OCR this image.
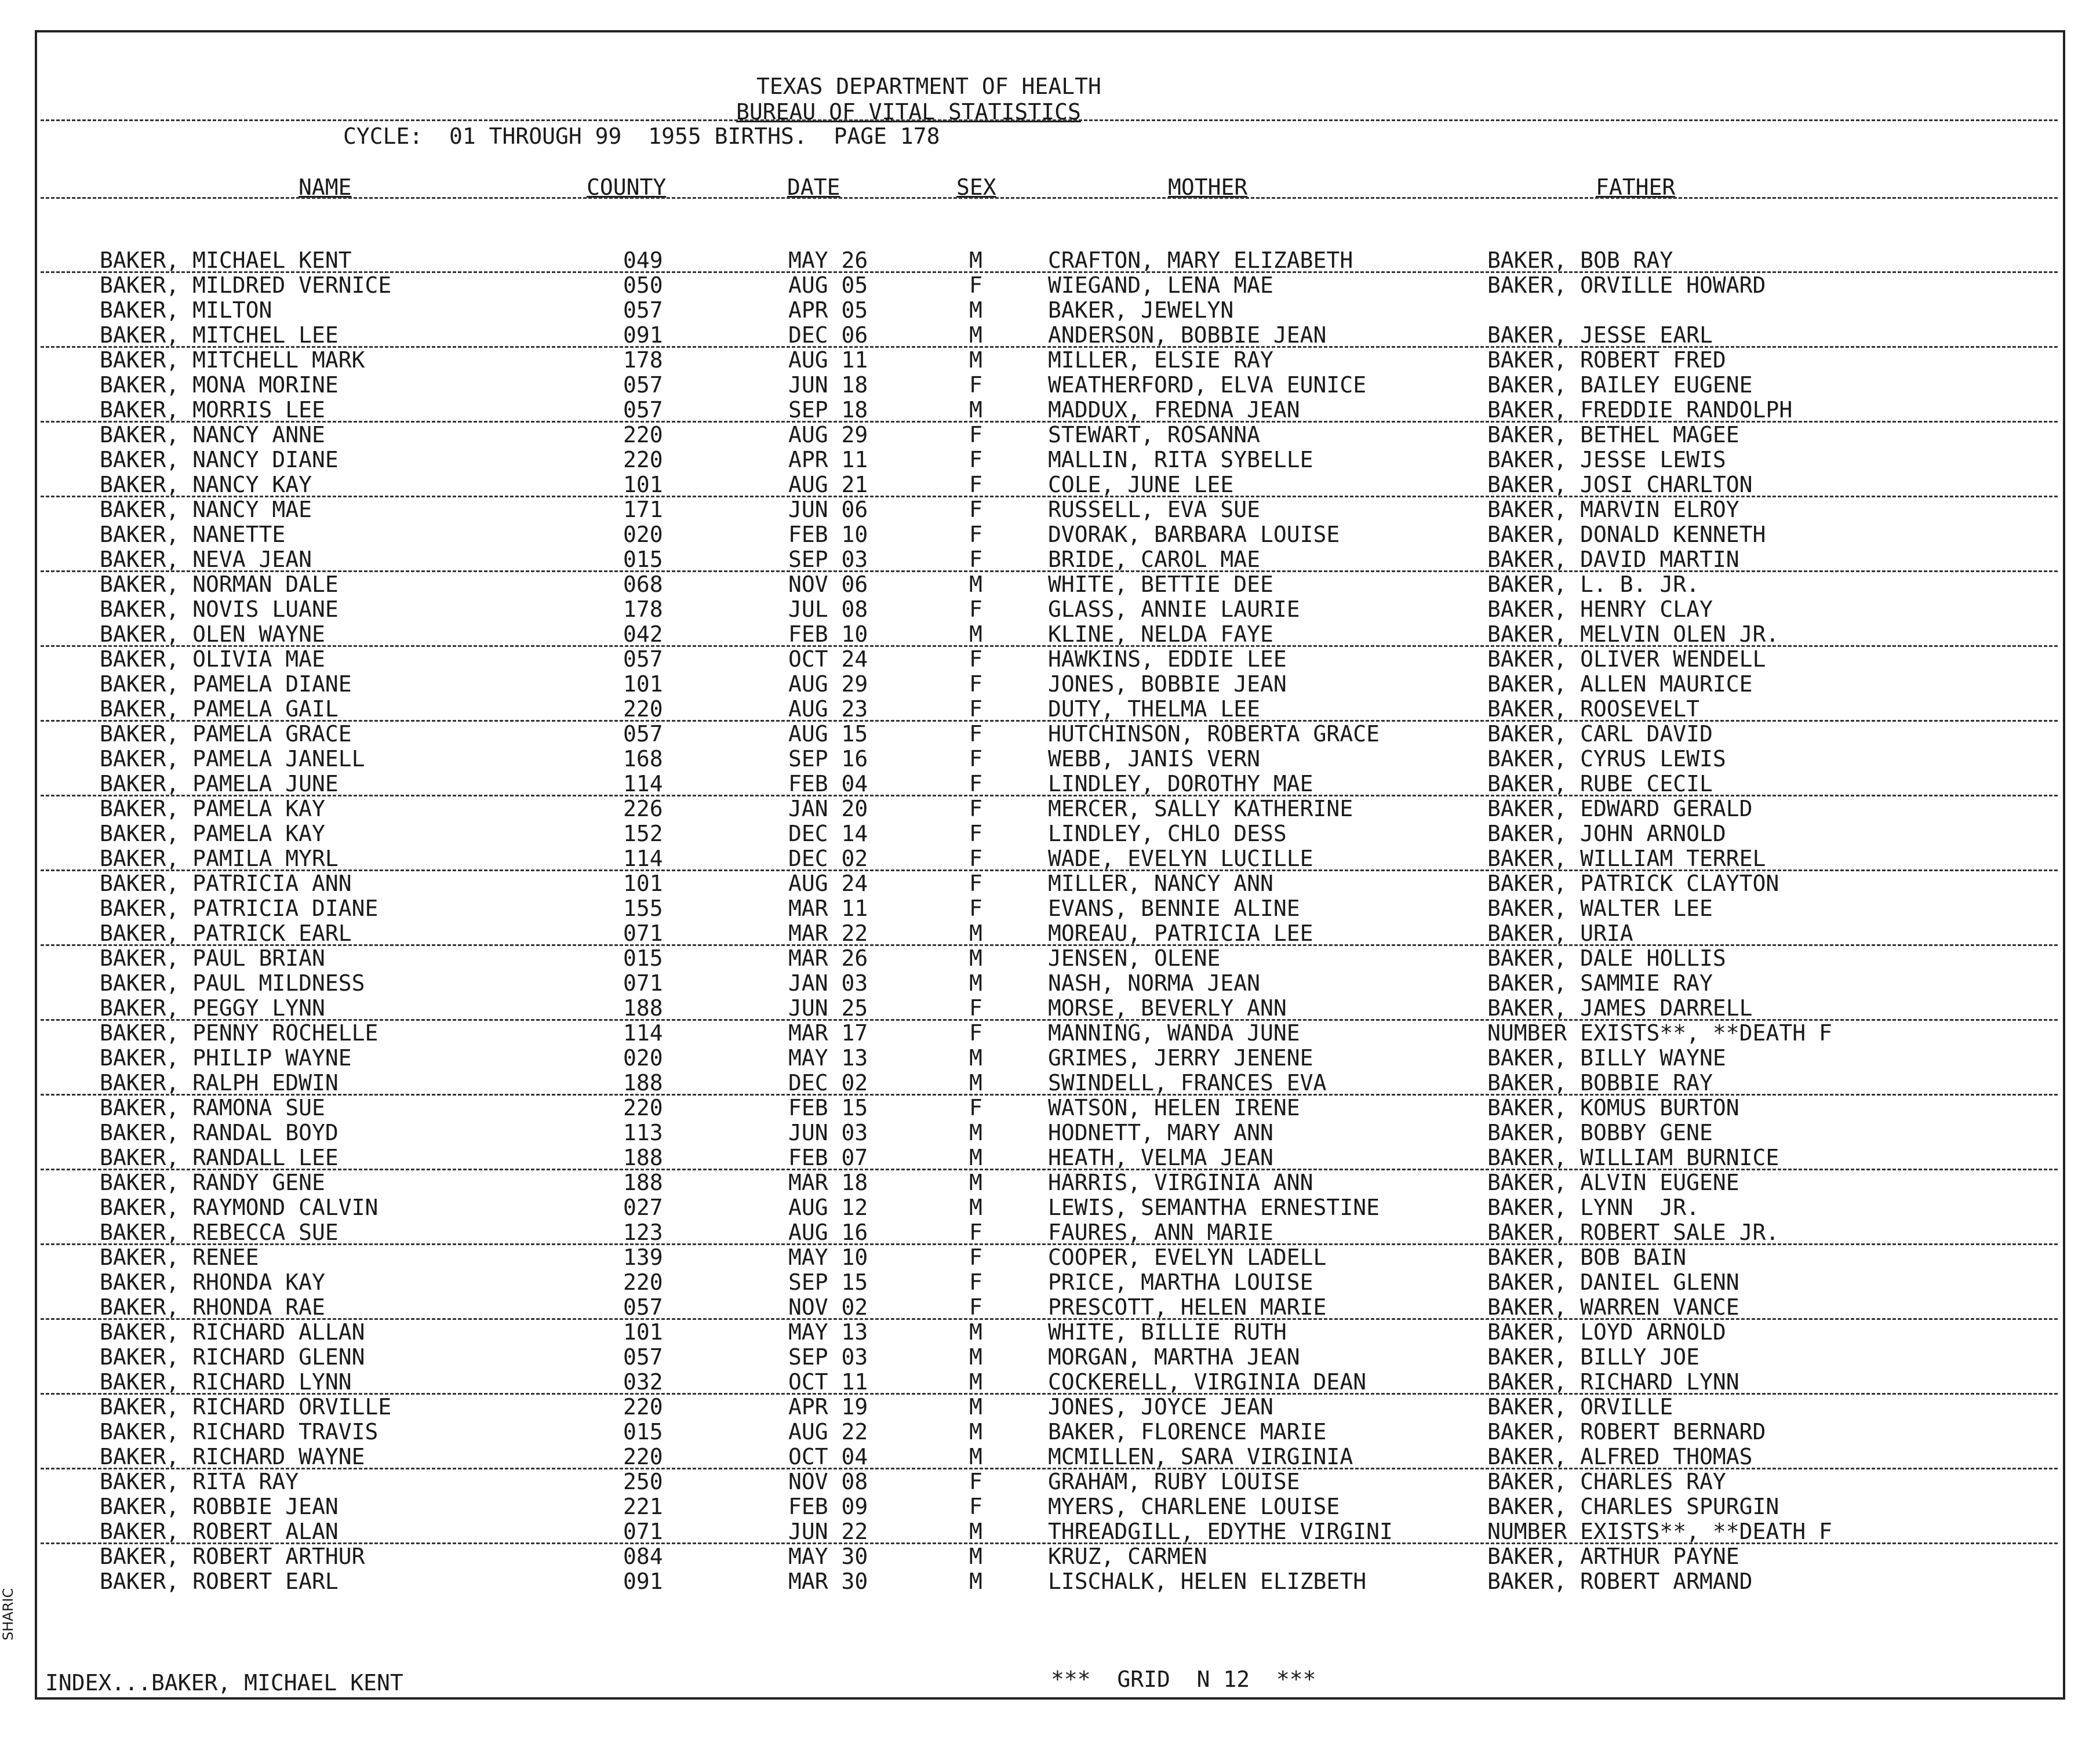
TEXAS DEPARTMENT OF HEALTH
BUREAU OF VITAL STATISTICS
CYCLE:  01 THROUGH 99  1955 BIRTHS.  PAGE 178
NAME	COUNTY	DATE	SEX	MOTHER	FATHER
BAKER, MICHAEL KENT	049	MAY 26	M	CRAFTON, MARY ELIZABETH	BAKER, BOB RAY
BAKER, MILDRED VERNICE	050	AUG 05	F	WIEGAND, LENA MAE	BAKER, ORVILLE HOWARD
BAKER, MILTON	057	APR 05	M	BAKER, JEWELYN
BAKER, MITCHEL LEE	091	DEC 06	M	ANDERSON, BOBBIE JEAN	BAKER, JESSE EARL
BAKER, MITCHELL MARK	178	AUG 11	M	MILLER, ELSIE RAY	BAKER, ROBERT FRED
BAKER, MONA MORINE	057	JUN 18	F	WEATHERFORD, ELVA EUNICE	BAKER, BAILEY EUGENE
BAKER, MORRIS LEE	057	SEP 18	M	MADDUX, FREDNA JEAN	BAKER, FREDDIE RANDOLPH
BAKER, NANCY ANNE	220	AUG 29	F	STEWART, ROSANNA	BAKER, BETHEL MAGEE
BAKER, NANCY DIANE	220	APR 11	F	MALLIN, RITA SYBELLE	BAKER, JESSE LEWIS
BAKER, NANCY KAY	101	AUG 21	F	COLE, JUNE LEE	BAKER, JOSI CHARLTON
BAKER, NANCY MAE	171	JUN 06	F	RUSSELL, EVA SUE	BAKER, MARVIN ELROY
BAKER, NANETTE	020	FEB 10	F	DVORAK, BARBARA LOUISE	BAKER, DONALD KENNETH
BAKER, NEVA JEAN	015	SEP 03	F	BRIDE, CAROL MAE	BAKER, DAVID MARTIN
BAKER, NORMAN DALE	068	NOV 06	M	WHITE, BETTIE DEE	BAKER, L. B. JR.
BAKER, NOVIS LUANE	178	JUL 08	F	GLASS, ANNIE LAURIE	BAKER, HENRY CLAY
BAKER, OLEN WAYNE	042	FEB 10	M	KLINE, NELDA FAYE	BAKER, MELVIN OLEN JR.
BAKER, OLIVIA MAE	057	OCT 24	F	HAWKINS, EDDIE LEE	BAKER, OLIVER WENDELL
BAKER, PAMELA DIANE	101	AUG 29	F	JONES, BOBBIE JEAN	BAKER, ALLEN MAURICE
BAKER, PAMELA GAIL	220	AUG 23	F	DUTY, THELMA LEE	BAKER, ROOSEVELT
BAKER, PAMELA GRACE	057	AUG 15	F	HUTCHINSON, ROBERTA GRACE	BAKER, CARL DAVID
BAKER, PAMELA JANELL	168	SEP 16	F	WEBB, JANIS VERN	BAKER, CYRUS LEWIS
BAKER, PAMELA JUNE	114	FEB 04	F	LINDLEY, DOROTHY MAE	BAKER, RUBE CECIL
BAKER, PAMELA KAY	226	JAN 20	F	MERCER, SALLY KATHERINE	BAKER, EDWARD GERALD
BAKER, PAMELA KAY	152	DEC 14	F	LINDLEY, CHLO DESS	BAKER, JOHN ARNOLD
BAKER, PAMILA MYRL	114	DEC 02	F	WADE, EVELYN LUCILLE	BAKER, WILLIAM TERREL
BAKER, PATRICIA ANN	101	AUG 24	F	MILLER, NANCY ANN	BAKER, PATRICK CLAYTON
BAKER, PATRICIA DIANE	155	MAR 11	F	EVANS, BENNIE ALINE	BAKER, WALTER LEE
BAKER, PATRICK EARL	071	MAR 22	M	MOREAU, PATRICIA LEE	BAKER, URIA
BAKER, PAUL BRIAN	015	MAR 26	M	JENSEN, OLENE	BAKER, DALE HOLLIS
BAKER, PAUL MILDNESS	071	JAN 03	M	NASH, NORMA JEAN	BAKER, SAMMIE RAY
BAKER, PEGGY LYNN	188	JUN 25	F	MORSE, BEVERLY ANN	BAKER, JAMES DARRELL
BAKER, PENNY ROCHELLE	114	MAR 17	F	MANNING, WANDA JUNE	NUMBER EXISTS**, **DEATH F
BAKER, PHILIP WAYNE	020	MAY 13	M	GRIMES, JERRY JENENE	BAKER, BILLY WAYNE
BAKER, RALPH EDWIN	188	DEC 02	M	SWINDELL, FRANCES EVA	BAKER, BOBBIE RAY
BAKER, RAMONA SUE	220	FEB 15	F	WATSON, HELEN IRENE	BAKER, KOMUS BURTON
BAKER, RANDAL BOYD	113	JUN 03	M	HODNETT, MARY ANN	BAKER, BOBBY GENE
BAKER, RANDALL LEE	188	FEB 07	M	HEATH, VELMA JEAN	BAKER, WILLIAM BURNICE
BAKER, RANDY GENE	188	MAR 18	M	HARRIS, VIRGINIA ANN	BAKER, ALVIN EUGENE
BAKER, RAYMOND CALVIN	027	AUG 12	M	LEWIS, SEMANTHA ERNESTINE	BAKER, LYNN  JR.
BAKER, REBECCA SUE	123	AUG 16	F	FAURES, ANN MARIE	BAKER, ROBERT SALE JR.
BAKER, RENEE	139	MAY 10	F	COOPER, EVELYN LADELL	BAKER, BOB BAIN
BAKER, RHONDA KAY	220	SEP 15	F	PRICE, MARTHA LOUISE	BAKER, DANIEL GLENN
BAKER, RHONDA RAE	057	NOV 02	F	PRESCOTT, HELEN MARIE	BAKER, WARREN VANCE
BAKER, RICHARD ALLAN	101	MAY 13	M	WHITE, BILLIE RUTH	BAKER, LOYD ARNOLD
BAKER, RICHARD GLENN	057	SEP 03	M	MORGAN, MARTHA JEAN	BAKER, BILLY JOE
BAKER, RICHARD LYNN	032	OCT 11	M	COCKERELL, VIRGINIA DEAN	BAKER, RICHARD LYNN
BAKER, RICHARD ORVILLE	220	APR 19	M	JONES, JOYCE JEAN	BAKER, ORVILLE
BAKER, RICHARD TRAVIS	015	AUG 22	M	BAKER, FLORENCE MARIE	BAKER, ROBERT BERNARD
BAKER, RICHARD WAYNE	220	OCT 04	M	MCMILLEN, SARA VIRGINIA	BAKER, ALFRED THOMAS
BAKER, RITA RAY	250	NOV 08	F	GRAHAM, RUBY LOUISE	BAKER, CHARLES RAY
BAKER, ROBBIE JEAN	221	FEB 09	F	MYERS, CHARLENE LOUISE	BAKER, CHARLES SPURGIN
BAKER, ROBERT ALAN	071	JUN 22	M	THREADGILL, EDYTHE VIRGINI	NUMBER EXISTS**, **DEATH F
BAKER, ROBERT ARTHUR	084	MAY 30	M	KRUZ, CARMEN	BAKER, ARTHUR PAYNE
BAKER, ROBERT EARL	091	MAR 30	M	LISCHALK, HELEN ELIZBETH	BAKER, ROBERT ARMAND
INDEX...BAKER, MICHAEL KENT	***  GRID  N 12  ***
SHARIC
